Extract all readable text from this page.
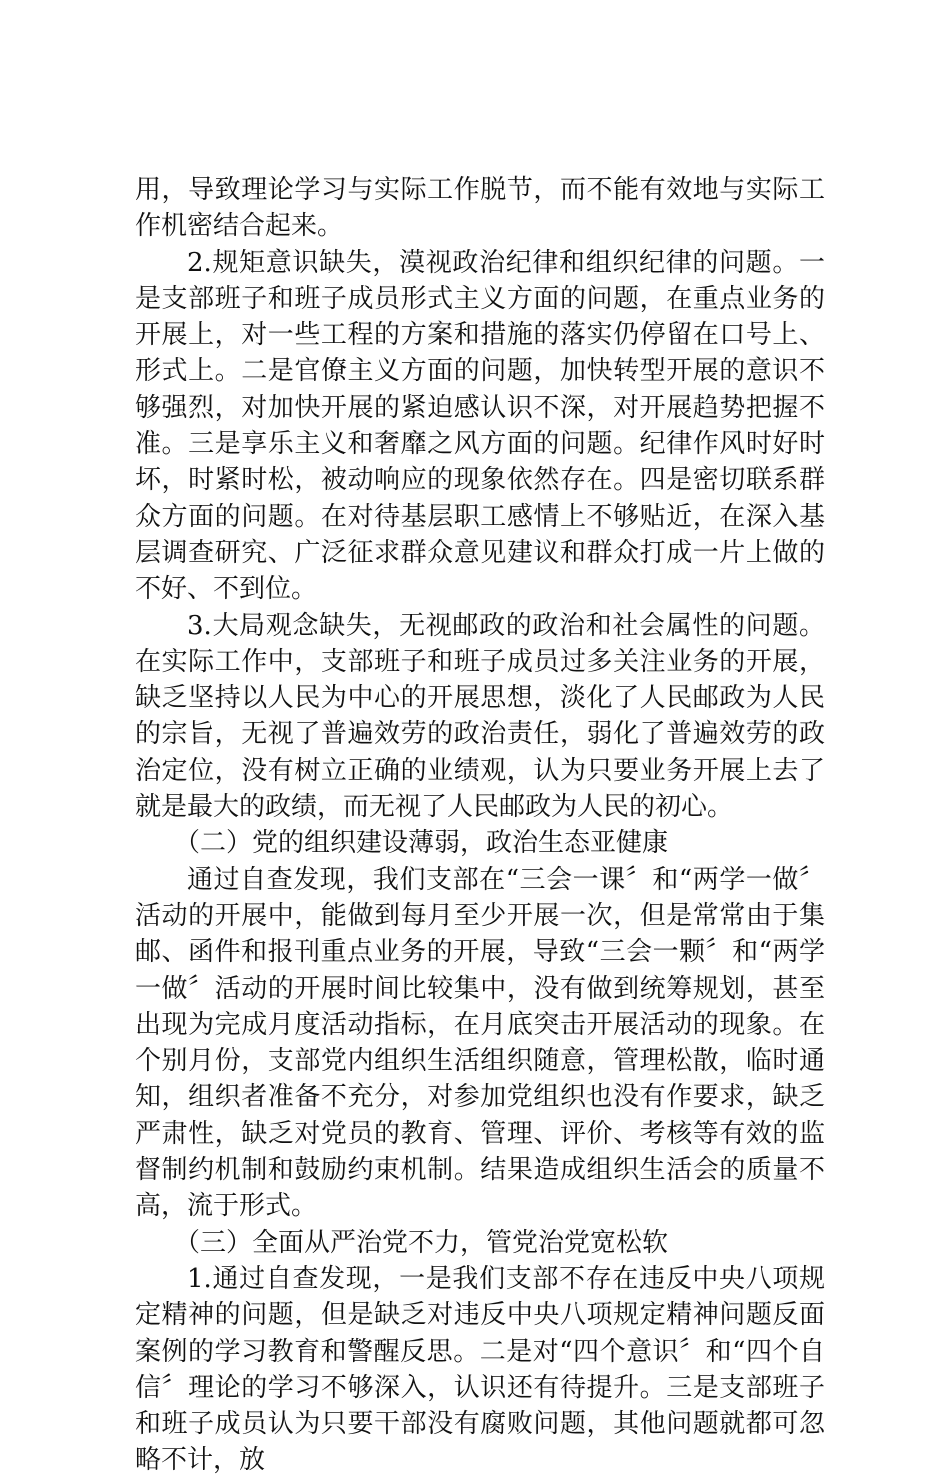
用，导致理论学习与实际工作脱节，而不能有效地与实际工作机密结合起来。

2.规矩意识缺失，漠视政治纪律和组织纪律的问题。一是支部班子和班子成员形式主义方面的问题，在重点业务的开展上，对一些工程的方案和措施的落实仍停留在口号上、形式上。二是官僚主义方面的问题，加快转型开展的意识不够强烈，对加快开展的紧迫感认识不深，对开展趋势把握不准。三是享乐主义和奢靡之风方面的问题。纪律作风时好时坏，时紧时松，被动响应的现象依然存在。四是密切联系群众方面的问题。在对待基层职工感情上不够贴近，在深入基层调查研究、广泛征求群众意见建议和群众打成一片上做的不好、不到位。

3.大局观念缺失，无视邮政的政治和社会属性的问题。在实际工作中，支部班子和班子成员过多关注业务的开展，缺乏坚持以人民为中心的开展思想，淡化了人民邮政为人民的宗旨，无视了普遍效劳的政治责任，弱化了普遍效劳的政治定位，没有树立正确的业绩观，认为只要业务开展上去了就是最大的政绩，而无视了人民邮政为人民的初心。

（二）党的组织建设薄弱，政治生态亚健康

通过自查发现，我们支部在“三会一课〞和“两学一做〞活动的开展中，能做到每月至少开展一次，但是常常由于集邮、函件和报刊重点业务的开展，导致“三会一颗〞和“两学一做〞活动的开展时间比较集中，没有做到统筹规划，甚至出现为完成月度活动指标，在月底突击开展活动的现象。在个别月份，支部党内组织生活组织随意，管理松散，临时通知，组织者准备不充分，对参加党组织也没有作要求，缺乏严肃性，缺乏对党员的教育、管理、评价、考核等有效的监督制约机制和鼓励约束机制。结果造成组织生活会的质量不高，流于形式。

（三）全面从严治党不力，管党治党宽松软

1.通过自查发现，一是我们支部不存在违反中央八项规定精神的问题，但是缺乏对违反中央八项规定精神问题反面案例的学习教育和警醒反思。二是对“四个意识〞和“四个自信〞理论的学习不够深入，认识还有待提升。三是支部班子和班子成员认为只要干部没有腐败问题，其他问题就都可忽略不计，放
